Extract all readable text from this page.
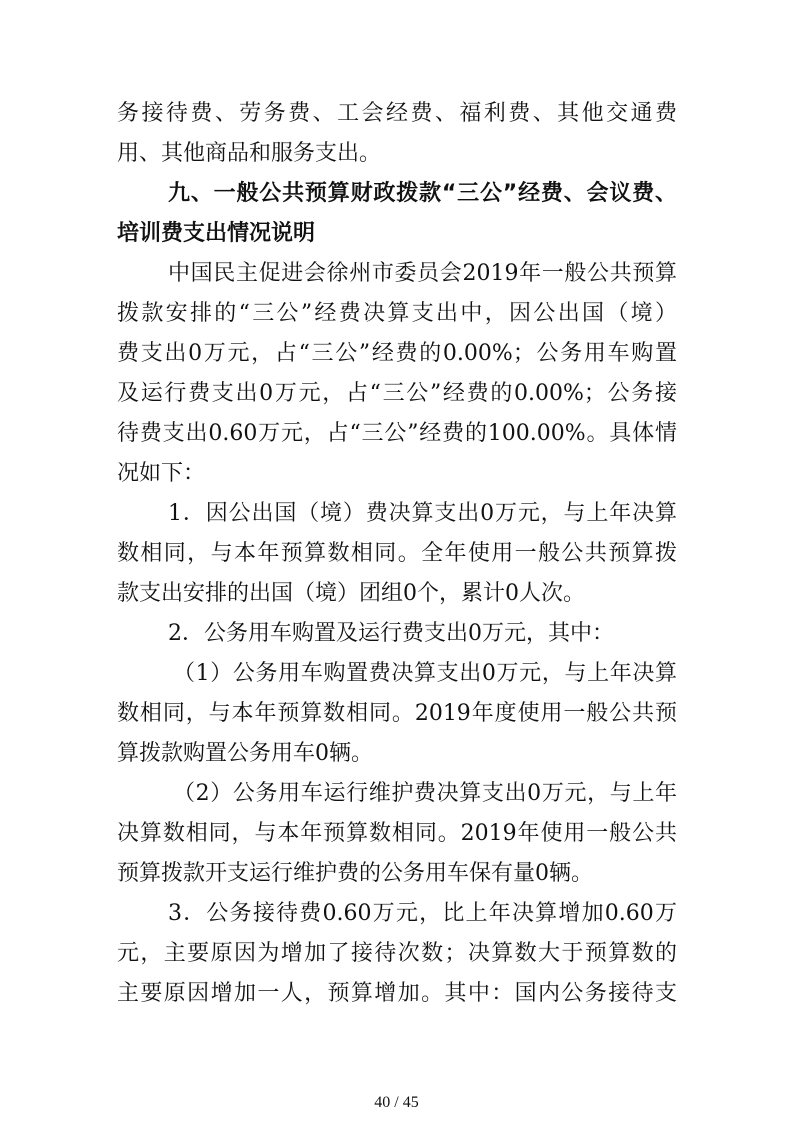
务接待费、劳务费、工会经费、福利费、其他交通费
用、其他商品和服务支出。
九、一般公共预算财政拨款“三公”经费、会议费、
培训费支出情况说明
中国民主促进会徐州市委员会2019年一般公共预算
拨款安排的“三公”经费决算支出中，因公出国（境）
费支出0万元，占“三公”经费的0.00%；公务用车购置
及运行费支出0万元，占“三公”经费的0.00%；公务接
待费支出0.60万元，占“三公”经费的100.00%。具体情
况如下：
1．因公出国（境）费决算支出0万元，与上年决算
数相同，与本年预算数相同。全年使用一般公共预算拨
款支出安排的出国（境）团组0个，累计0人次。
2．公务用车购置及运行费支出0万元，其中：
（1）公务用车购置费决算支出0万元，与上年决算
数相同，与本年预算数相同。2019年度使用一般公共预
算拨款购置公务用车0辆。
（2）公务用车运行维护费决算支出0万元，与上年
决算数相同，与本年预算数相同。2019年使用一般公共
预算拨款开支运行维护费的公务用车保有量0辆。
3．公务接待费0.60万元，比上年决算增加0.60万
元，主要原因为增加了接待次数；决算数大于预算数的
主要原因增加一人，预算增加。其中：国内公务接待支
40 / 45
